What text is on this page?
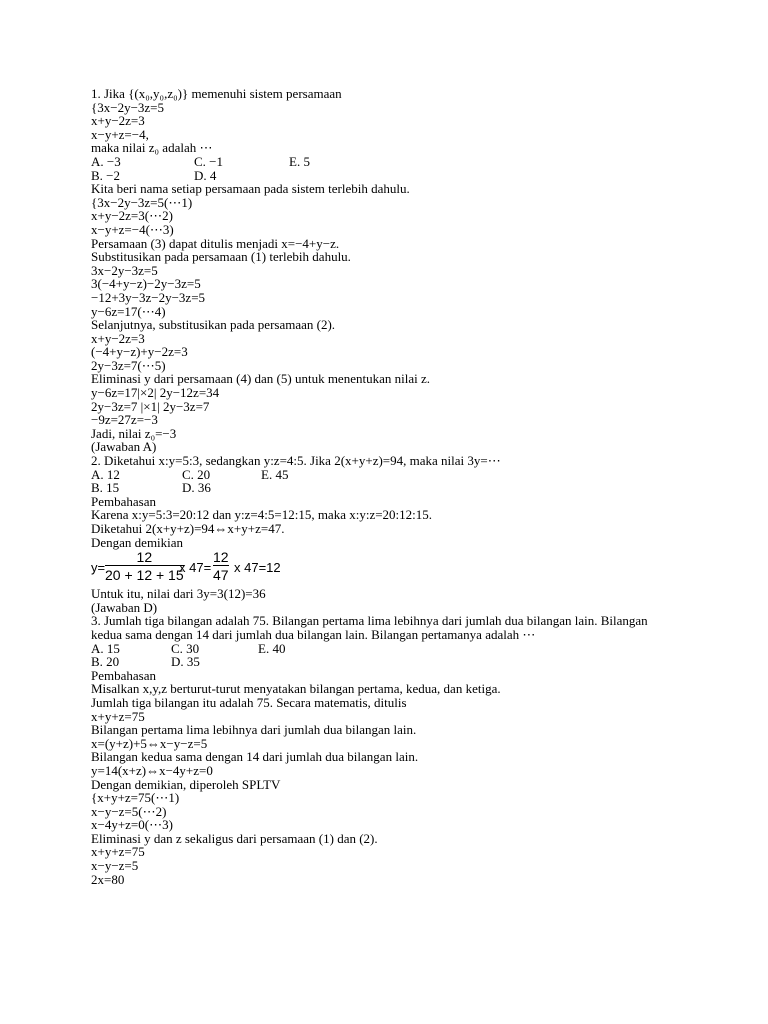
1. Jika {(x₀,y₀,z₀)} memenuhi sistem persamaan
{3x−2y−3z=5
x+y−2z=3
x−y+z=−4,
maka nilai z₀ adalah ⋯
A. −3	C. −1	E. 5
B. −2	D. 4
Kita beri nama setiap persamaan pada sistem terlebih dahulu.
{3x−2y−3z=5(⋯1)
x+y−2z=3(⋯2)
x−y+z=−4(⋯3)
Persamaan (3) dapat ditulis menjadi x=−4+y−z.
Substitusikan pada persamaan (1) terlebih dahulu.
3x−2y−3z=5
3(−4+y−z)−2y−3z=5
−12+3y−3z−2y−3z=5
y−6z=17(⋯4)
Selanjutnya, substitusikan pada persamaan (2).
x+y−2z=3
(−4+y−z)+y−2z=3
2y−3z=7(⋯5)
Eliminasi y dari persamaan (4) dan (5) untuk menentukan nilai z.
y−6z=17|×2| 2y−12z=34
2y−3z=7 |×1| 2y−3z=7
−9z=27z=−3
Jadi, nilai z₀=−3
(Jawaban A)
2. Diketahui x:y=5:3, sedangkan y:z=4:5. Jika 2(x+y+z)=94, maka nilai 3y=⋯
A. 12	C. 20	E. 45
B. 15	D. 36
Pembahasan
Karena x:y=5:3=20:12 dan y:z=4:5=12:15, maka x:y:z=20:12:15.
Diketahui 2(x+y+z)=94⇔x+y+z=47.
Dengan demikian
$y= \frac{12}{20 + 12 + 15}$
x $47= \frac{12}{47}$ x 47=12
Untuk itu, nilai dari 3y=3(12)=36
(Jawaban D)
3. Jumlah tiga bilangan adalah 75. Bilangan pertama lima lebihnya dari jumlah dua bilangan lain. Bilangan
kedua sama dengan 14 dari jumlah dua bilangan lain. Bilangan pertamanya adalah ⋯
A. 15	C. 30	E. 40
B. 20	D. 35
Pembahasan
Misalkan x,y,z berturut-turut menyatakan bilangan pertama, kedua, dan ketiga.
Jumlah tiga bilangan itu adalah 75. Secara matematis, ditulis
x+y+z=75
Bilangan pertama lima lebihnya dari jumlah dua bilangan lain.
x=(y+z)+5⇔x−y−z=5
Bilangan kedua sama dengan 14 dari jumlah dua bilangan lain.
y=14(x+z)⇔x−4y+z=0
Dengan demikian, diperoleh SPLTV
{x+y+z=75(⋯1)
x−y−z=5(⋯2)
x−4y+z=0(⋯3)
Eliminasi y dan z sekaligus dari persamaan (1) dan (2).
x+y+z=75
x−y−z=5
2x=80
